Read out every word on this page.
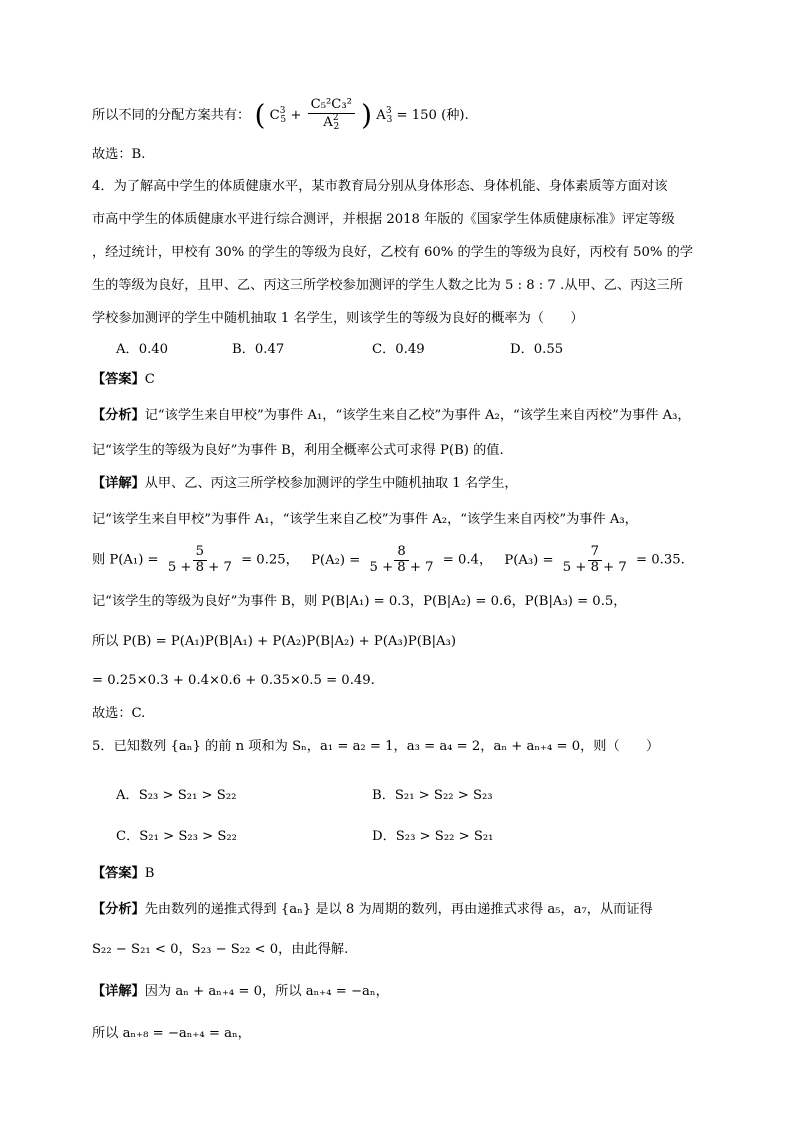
所以不同的分配方案共有： ( $C^3_5 + \frac{\text{C₅²C₃²}}{A^2_2}$ ) $A^3_3 = 150$ (种).
故选：B.
4．为了解高中学生的体质健康水平，某市教育局分别从身体形态、身体机能、身体素质等方面对该
市高中学生的体质健康水平进行综合测评，并根据 2018 年版的《国家学生体质健康标准》评定等级
，经过统计，甲校有 30% 的学生的等级为良好，乙校有 60% 的学生的等级为良好，丙校有 50% 的学
生的等级为良好，且甲、乙、丙这三所学校参加测评的学生人数之比为 5 : 8 : 7 .从甲、乙、丙这三所
学校参加测评的学生中随机抽取 1 名学生，则该学生的等级为良好的概率为（　　）
A．0.40	B．0.47	C．0.49	D．0.55
【答案】C
【分析】记“该学生来自甲校”为事件 A₁，“该学生来自乙校”为事件 A₂，“该学生来自丙校”为事件 A₃，
记“该学生的等级为良好”为事件 B，利用全概率公式可求得 P(B) 的值.
【详解】从甲、乙、丙这三所学校参加测评的学生中随机抽取 1 名学生，
记“该学生来自甲校”为事件 A₁，“该学生来自乙校”为事件 A₂，“该学生来自丙校”为事件 A₃，
则 $P(A_1) = \frac{5}{5 + 8 + 7} = 0.25$， $P(A_2) = \frac{8}{5 + 8 + 7} = 0.4$， $P(A_3) = \frac{7}{5 + 8 + 7} = 0.35$.
记“该学生的等级为良好”为事件 B，则 P(B|A₁) = 0.3，P(B|A₂) = 0.6，P(B|A₃) = 0.5，
所以 P(B) = P(A₁)P(B|A₁) + P(A₂)P(B|A₂) + P(A₃)P(B|A₃)
= 0.25×0.3 + 0.4×0.6 + 0.35×0.5 = 0.49.
故选：C.
5．已知数列 {aₙ} 的前 n 项和为 Sₙ，a₁ = a₂ = 1，a₃ = a₄ = 2，aₙ + aₙ₊₄ = 0，则（　　）
A．S₂₃ > S₂₁ > S₂₂	B．S₂₁ > S₂₂ > S₂₃
C．S₂₁ > S₂₃ > S₂₂	D．S₂₃ > S₂₂ > S₂₁
【答案】B
【分析】先由数列的递推式得到 {aₙ} 是以 8 为周期的数列，再由递推式求得 a₅，a₇，从而证得
S₂₂ − S₂₁ < 0，S₂₃ − S₂₂ < 0，由此得解.
【详解】因为 aₙ + aₙ₊₄ = 0，所以 aₙ₊₄ = −aₙ，
所以 aₙ₊₈ = −aₙ₊₄ = aₙ，
